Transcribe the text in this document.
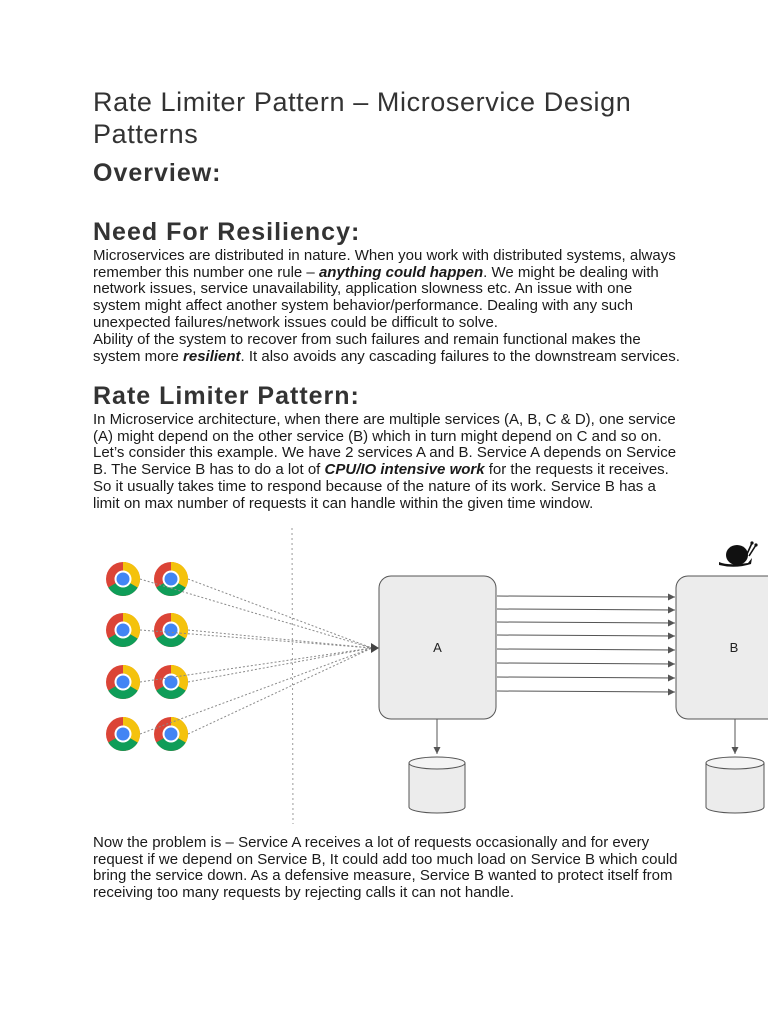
Rate Limiter Pattern – Microservice Design Patterns
Overview:
Need For Resiliency:

Microservices are distributed in nature. When you work with distributed systems, always remember this number one rule – anything could happen. We might be dealing with network issues, service unavailability, application slowness etc. An issue with one system might affect another system behavior/performance. Dealing with any such unexpected failures/network issues could be difficult to solve.

Ability of the system to recover from such failures and remain functional makes the system more resilient. It also avoids any cascading failures to the downstream services.

Rate Limiter Pattern:

In Microservice architecture, when there are multiple services (A, B, C & D), one service (A) might depend on the other service (B) which in turn might depend on C and so on. Let’s consider this example. We have 2 services A and B. Service A depends on Service B. The Service B has to do a lot of CPU/IO intensive work for the requests it receives. So it usually takes time to respond because of the nature of its work. Service B has a limit on max number of requests it can handle within the given time window.

A	B

Now the problem is – Service A receives a lot of requests occasionally and for every request if we depend on Service B, It could add too much load on Service B which could bring the service down. As a defensive measure, Service B wanted to protect itself from receiving too many requests by rejecting calls it can not handle.
